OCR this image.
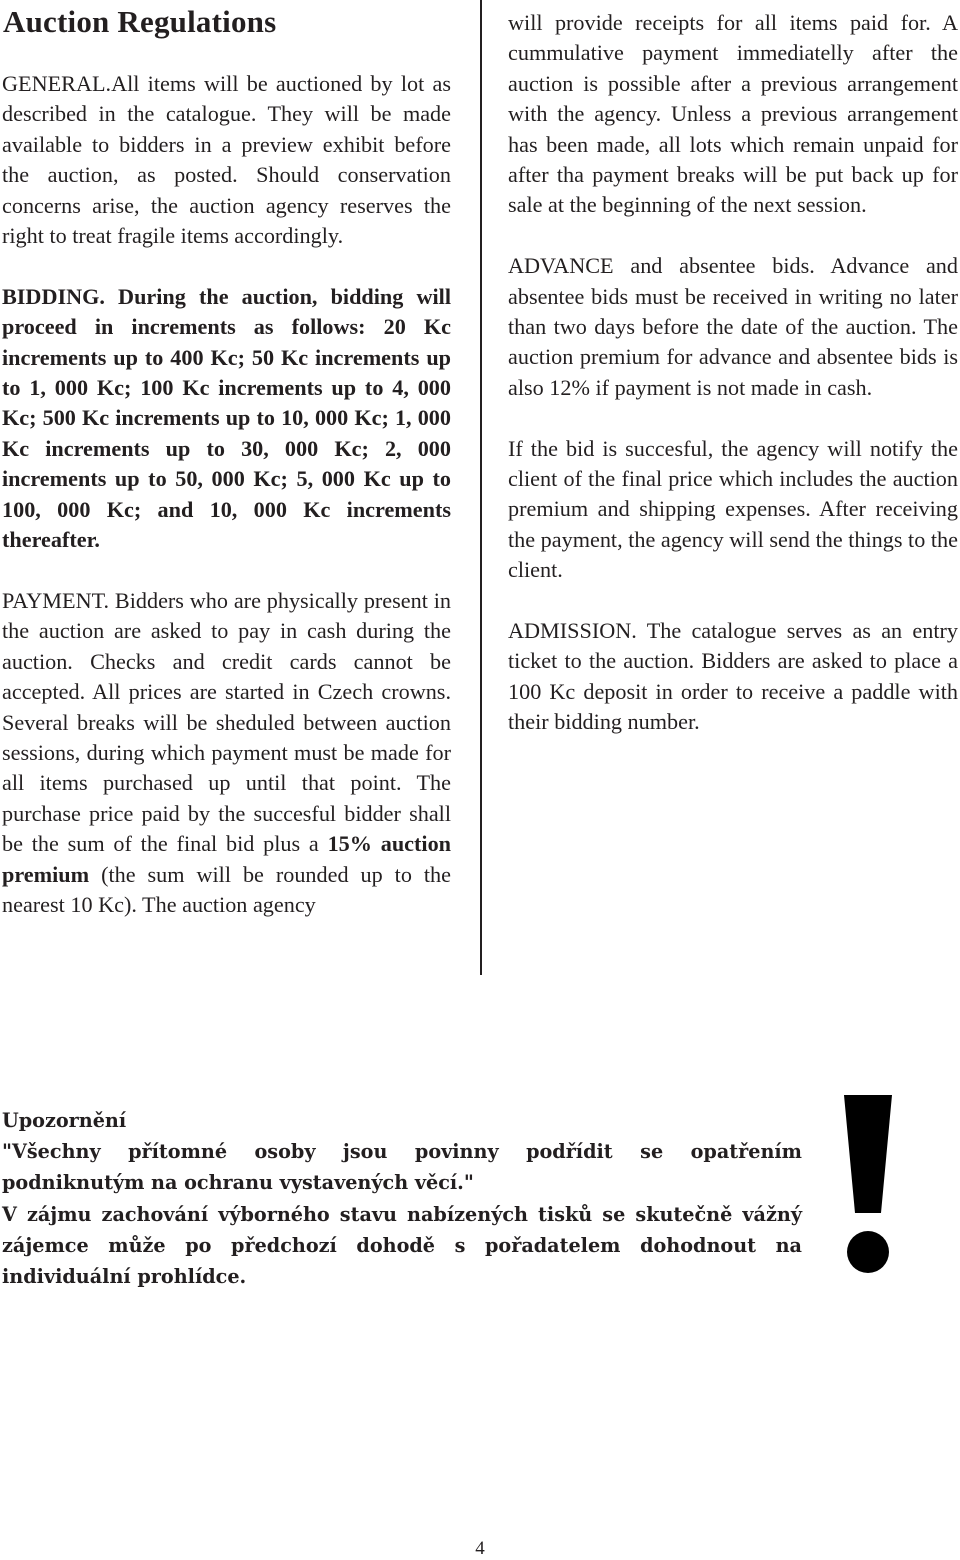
Auction Regulations

GENERAL.All items will be auctioned by lot as described in the catalogue. They will be made available to bidders in a preview exhibit before the auction, as posted. Should conservation concerns arise, the auction agency reserves the right to treat fragile items accordingly.

BIDDING. During the auction, bidding will proceed in increments as follows: 20 Kc increments up to 400 Kc; 50 Kc increments up to 1, 000 Kc; 100 Kc increments up to 4, 000 Kc; 500 Kc increments up to 10, 000 Kc; 1, 000 Kc increments up to 30, 000 Kc; 2, 000 increments up to 50, 000 Kc; 5, 000 Kc up to 100, 000 Kc; and 10, 000 Kc increments thereafter.

PAYMENT. Bidders who are physically present in the auction are asked to pay in cash during the auction. Checks and credit cards cannot be accepted. All prices are started in Czech crowns. Several breaks will be sheduled between auction sessions, during which payment must be made for all items purchased up until that point. The purchase price paid by the succesful bidder shall be the sum of the final bid plus a 15% auction premium (the sum will be rounded up to the nearest 10 Kc). The auction agency

will provide receipts for all items paid for. A cummulative payment immediatelly after the auction is possible after a previous arrangement with the agency. Unless a previous arrangement has been made, all lots which remain unpaid for after tha payment breaks will be put back up for sale at the beginning of the next session.

ADVANCE and absentee bids. Advance and absentee bids must be received in writing no later than two days before the date of the auction. The auction premium for advance and absentee bids is also 12% if payment is not made in cash.

If the bid is succesful, the agency will notify the client of the final price which includes the auction premium and shipping expenses. After receiving the payment, the agency will send the things to the client.

ADMISSION. The catalogue serves as an entry ticket to the auction. Bidders are asked to place a 100 Kc deposit in order to receive a paddle with their bidding number.

Upozornění

"Všechny přítomné osoby jsou povinny podřídit se opatřením podniknutým na ochranu vystavených věcí."

V zájmu zachování výborného stavu nabízených tisků se skutečně vážný zájemce může po předchozí dohodě s pořadatelem dohodnout na individuální prohlídce.

4
